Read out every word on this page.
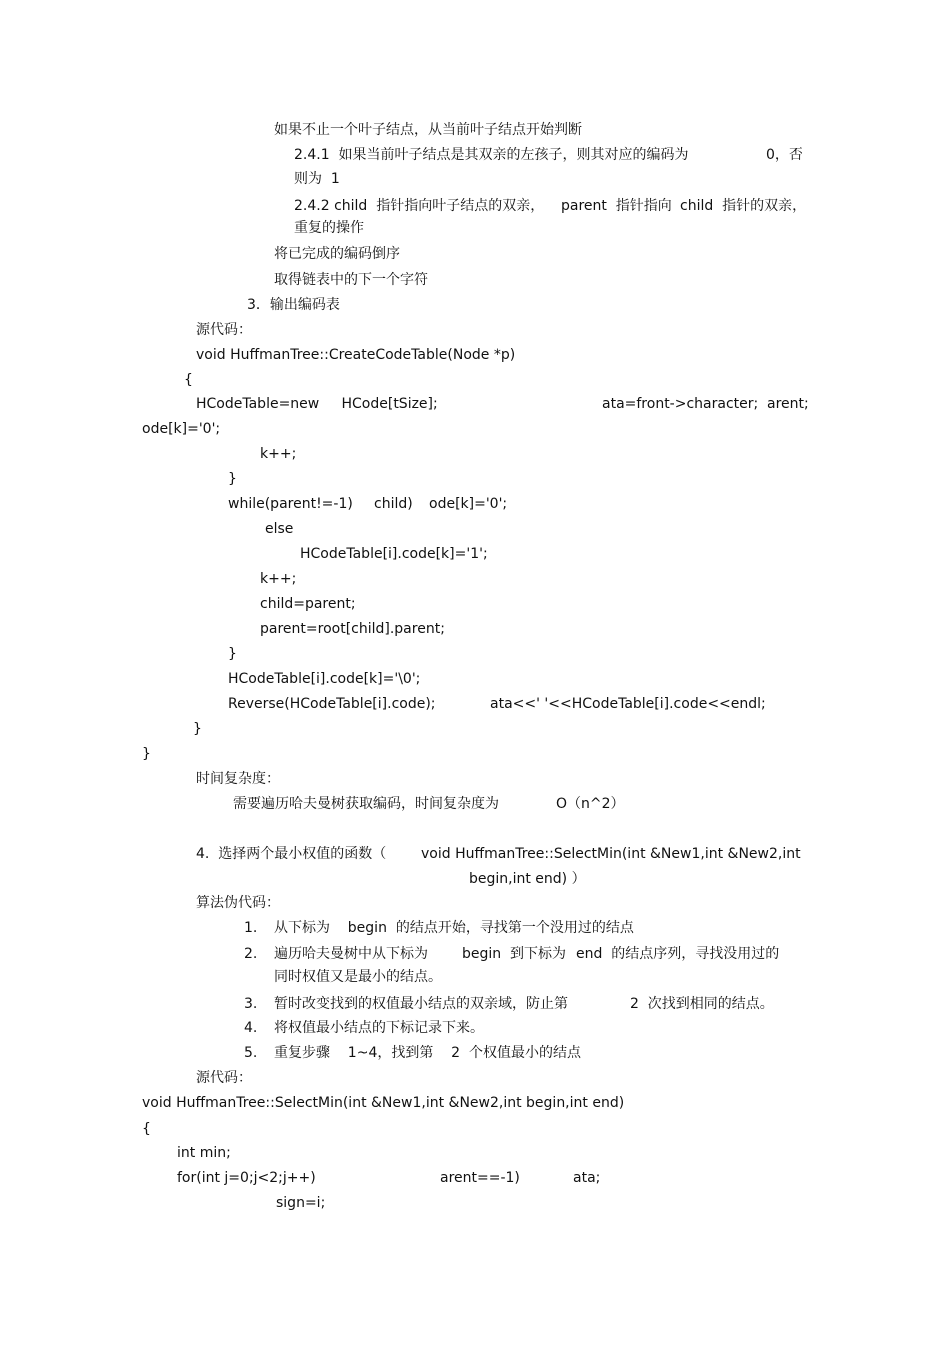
如果不止一个叶子结点，从当前叶子结点开始判断
2.4.1  如果当前叶子结点是其双亲的左孩子，则其对应的编码为	0，否
则为  1
2.4.2 child  指针指向叶子结点的双亲， parent  指针指向 child  指针的双亲，
重复的操作
将已完成的编码倒序
取得链表中的下一个字符
3．输出编码表
源代码：
void HuffmanTree::CreateCodeTable(Node *p)
{
HCodeTable=new     HCode[tSize];	ata=front->character; arent;
ode[k]='0';
k++;
}
while(parent!=-1) child) ode[k]='0';
else
HCodeTable[i].code[k]='1';
k++;
child=parent;
parent=root[child].parent;
}
HCodeTable[i].code[k]='\0';
Reverse(HCodeTable[i].code);	ata<<' '<<HCodeTable[i].code<<endl;
}
}
时间复杂度：
需要遍历哈夫曼树获取编码，时间复杂度为	O（n^2）
4.  选择两个最小权值的函数（ void HuffmanTree::SelectMin(int &New1,int &New2,int
begin,int end) ）
算法伪代码：
1. 从下标为    begin  的结点开始，寻找第一个没用过的结点
2. 遍历哈夫曼树中从下标为 begin  到下标为 end  的结点序列，寻找没用过的
同时权值又是最小的结点。
3. 暂时改变找到的权值最小结点的双亲域，防止第	2  次找到相同的结点。
4. 将权值最小结点的下标记录下来。
5. 重复步骤    1~4，找到第    2  个权值最小的结点
源代码：
void HuffmanTree::SelectMin(int &New1,int &New2,int begin,int end)
{
int min;
for(int j=0;j<2;j++)	arent==-1)	ata;
sign=i;
